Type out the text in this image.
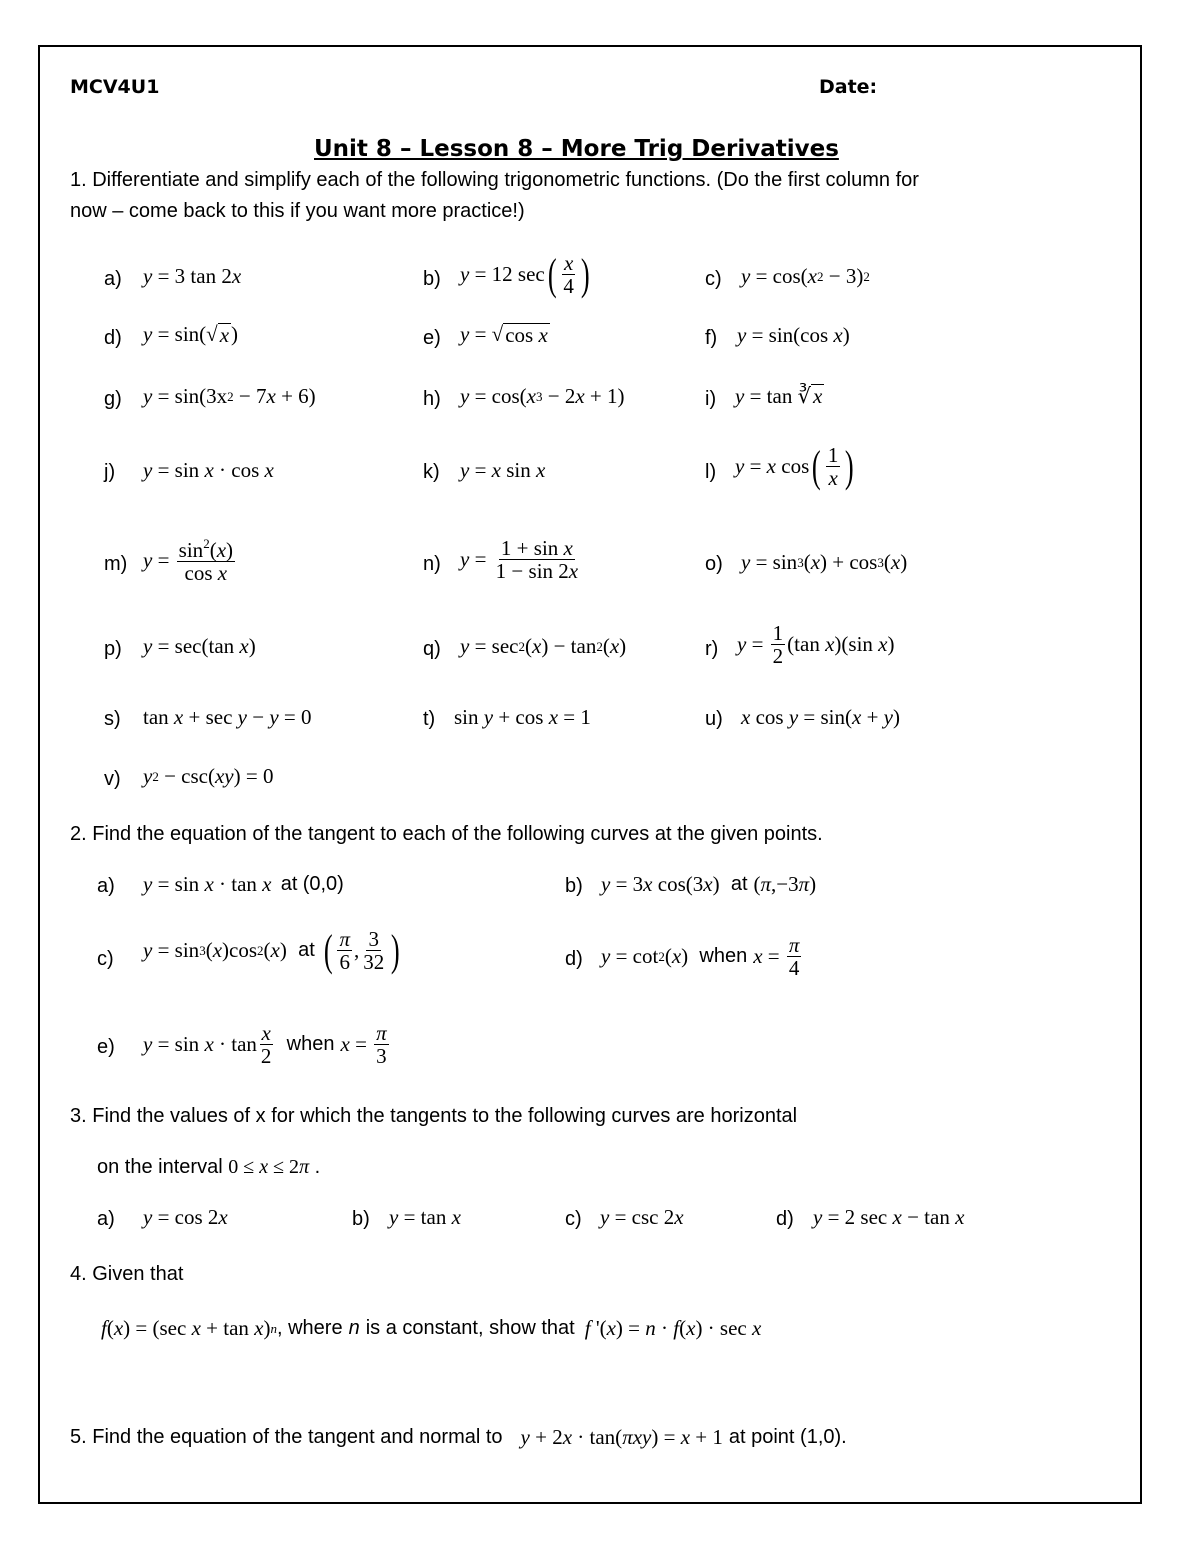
MCV4U1	Date:
Unit 8 – Lesson 8 – More Trig Derivatives
1. Differentiate and simplify each of the following trigonometric functions. (Do the first column for
now – come back to this if you want more practice!)
a) y = 3 tan 2 x	b) y = 12 sec ( $\frac{x}{4}$ )	c) y = cos( x 2 − 3) 2
d) y = sin( √ x )	e) y = √ cos x	f) y = sin(cos x )
g) y = sin(3x 2 − 7 x + 6)	h) y = cos( x 3 − 2 x + 1)	i) y = tan ∛ x
j) y = sin x · cos x	k) y = x sin x	l) y = x cos ( $\frac{1}{x}$ )
m) $y = \frac{\sin^2(x)}{\text{cos x}}$	n) $y = \frac{\text{1 + sin x}}{1 - \sin 2x}$	o) y = sin 3 ( x ) + cos 3 ( x )
p) y = sec(tan x )	q) y = sec 2 ( x ) − tan 2 ( x )	r) $y = \frac{1}{2} (\tan$ x )(sin x )
s) tan x + sec y − y = 0	t) sin y + cos x = 1	u) x cos y = sin( x + y )
v) y 2 − csc( xy ) = 0
2. Find the equation of the tangent to each of the following curves at the given points.
a) y = sin x · tan x
at
(0,0)	b) y = 3 x cos(3 x ) at ( π ,−3 π )
c) y = sin 3 ( x )cos 2 ( x ) at ( $\frac{\pi}{6}$ , $\frac{3}{32}$ )	d) y = cot 2 ( x ) when $x = \frac{\pi}{4}$
e) $y = \sin x \cdot \tan \frac{x}{2}$
when $x = \frac{\pi}{3}$
3. Find the values of x for which the tangents to the following curves are horizontal
on the interval 0 ≤ x ≤ 2 π .
a) y = cos 2 x	b) y = tan x	c) y = csc 2 x	d) y = 2 sec x − tan x
4. Given that
f ( x ) = (sec x + tan x ) n , where n is a constant, show that f '( x ) = n · f ( x ) · sec x
5. Find the equation of the tangent and normal to y + 2 x · tan( πxy ) = x + 1 at point (1,0).
